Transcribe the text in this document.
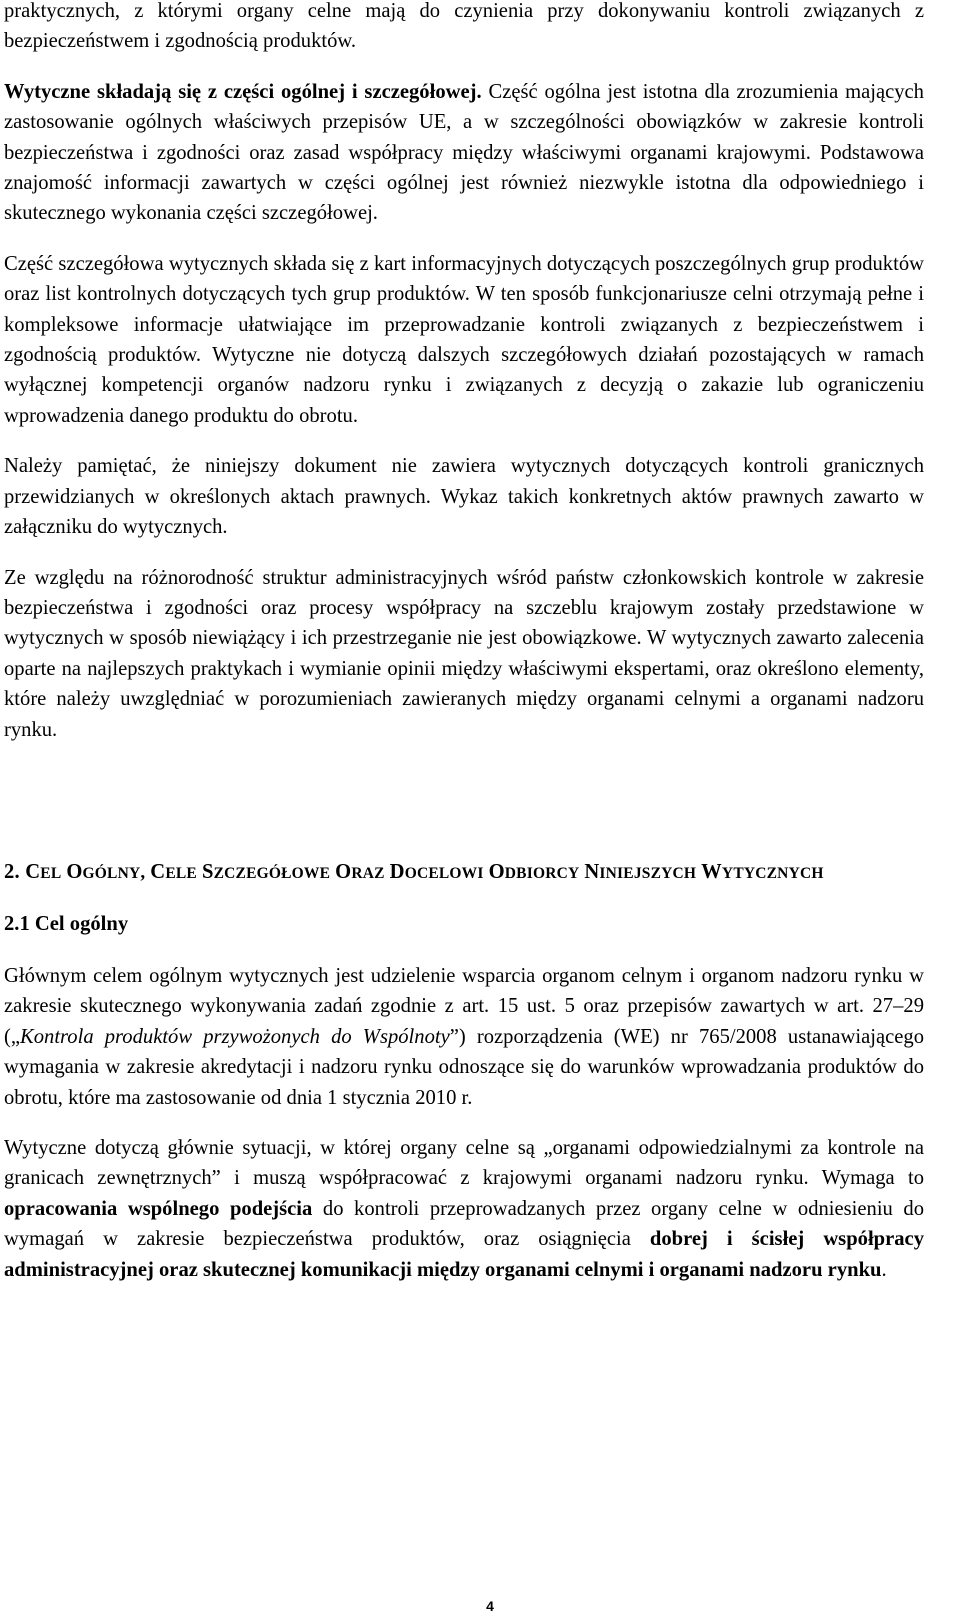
praktycznych, z którymi organy celne mają do czynienia przy dokonywaniu kontroli związanych z bezpieczeństwem i zgodnością produktów.

Wytyczne składają się z części ogólnej i szczegółowej. Część ogólna jest istotna dla zrozumienia mających zastosowanie ogólnych właściwych przepisów UE, a w szczególności obowiązków w zakresie kontroli bezpieczeństwa i zgodności oraz zasad współpracy między właściwymi organami krajowymi. Podstawowa znajomość informacji zawartych w części ogólnej jest również niezwykle istotna dla odpowiedniego i skutecznego wykonania części szczegółowej.

Część szczegółowa wytycznych składa się z kart informacyjnych dotyczących poszczególnych grup produktów oraz list kontrolnych dotyczących tych grup produktów. W ten sposób funkcjonariusze celni otrzymają pełne i kompleksowe informacje ułatwiające im przeprowadzanie kontroli związanych z bezpieczeństwem i zgodnością produktów. Wytyczne nie dotyczą dalszych szczegółowych działań pozostających w ramach wyłącznej kompetencji organów nadzoru rynku i związanych z decyzją o zakazie lub ograniczeniu wprowadzenia danego produktu do obrotu.

Należy pamiętać, że niniejszy dokument nie zawiera wytycznych dotyczących kontroli granicznych przewidzianych w określonych aktach prawnych. Wykaz takich konkretnych aktów prawnych zawarto w załączniku do wytycznych.

Ze względu na różnorodność struktur administracyjnych wśród państw członkowskich kontrole w zakresie bezpieczeństwa i zgodności oraz procesy współpracy na szczeblu krajowym zostały przedstawione w wytycznych w sposób niewiążący i ich przestrzeganie nie jest obowiązkowe. W wytycznych zawarto zalecenia oparte na najlepszych praktykach i wymianie opinii między właściwymi ekspertami, oraz określono elementy, które należy uwzględniać w porozumieniach zawieranych między organami celnymi a organami nadzoru rynku.

2. CEL OGÓLNY, CELE SZCZEGÓŁOWE ORAZ DOCELOWI ODBIORCY NINIEJSZYCH WYTYCZNYCH
2.1 Cel ogólny

Głównym celem ogólnym wytycznych jest udzielenie wsparcia organom celnym i organom nadzoru rynku w zakresie skutecznego wykonywania zadań zgodnie z art. 15 ust. 5 oraz przepisów zawartych w art. 27–29 („Kontrola produktów przywożonych do Wspólnoty”) rozporządzenia (WE) nr 765/2008 ustanawiającego wymagania w zakresie akredytacji i nadzoru rynku odnoszące się do warunków wprowadzania produktów do obrotu, które ma zastosowanie od dnia 1 stycznia 2010 r.

Wytyczne dotyczą głównie sytuacji, w której organy celne są „organami odpowiedzialnymi za kontrole na granicach zewnętrznych” i muszą współpracować z krajowymi organami nadzoru rynku. Wymaga to opracowania wspólnego podejścia do kontroli przeprowadzanych przez organy celne w odniesieniu do wymagań w zakresie bezpieczeństwa produktów, oraz osiągnięcia dobrej i ścisłej współpracy administracyjnej oraz skutecznej komunikacji między organami celnymi i organami nadzoru rynku.

4
